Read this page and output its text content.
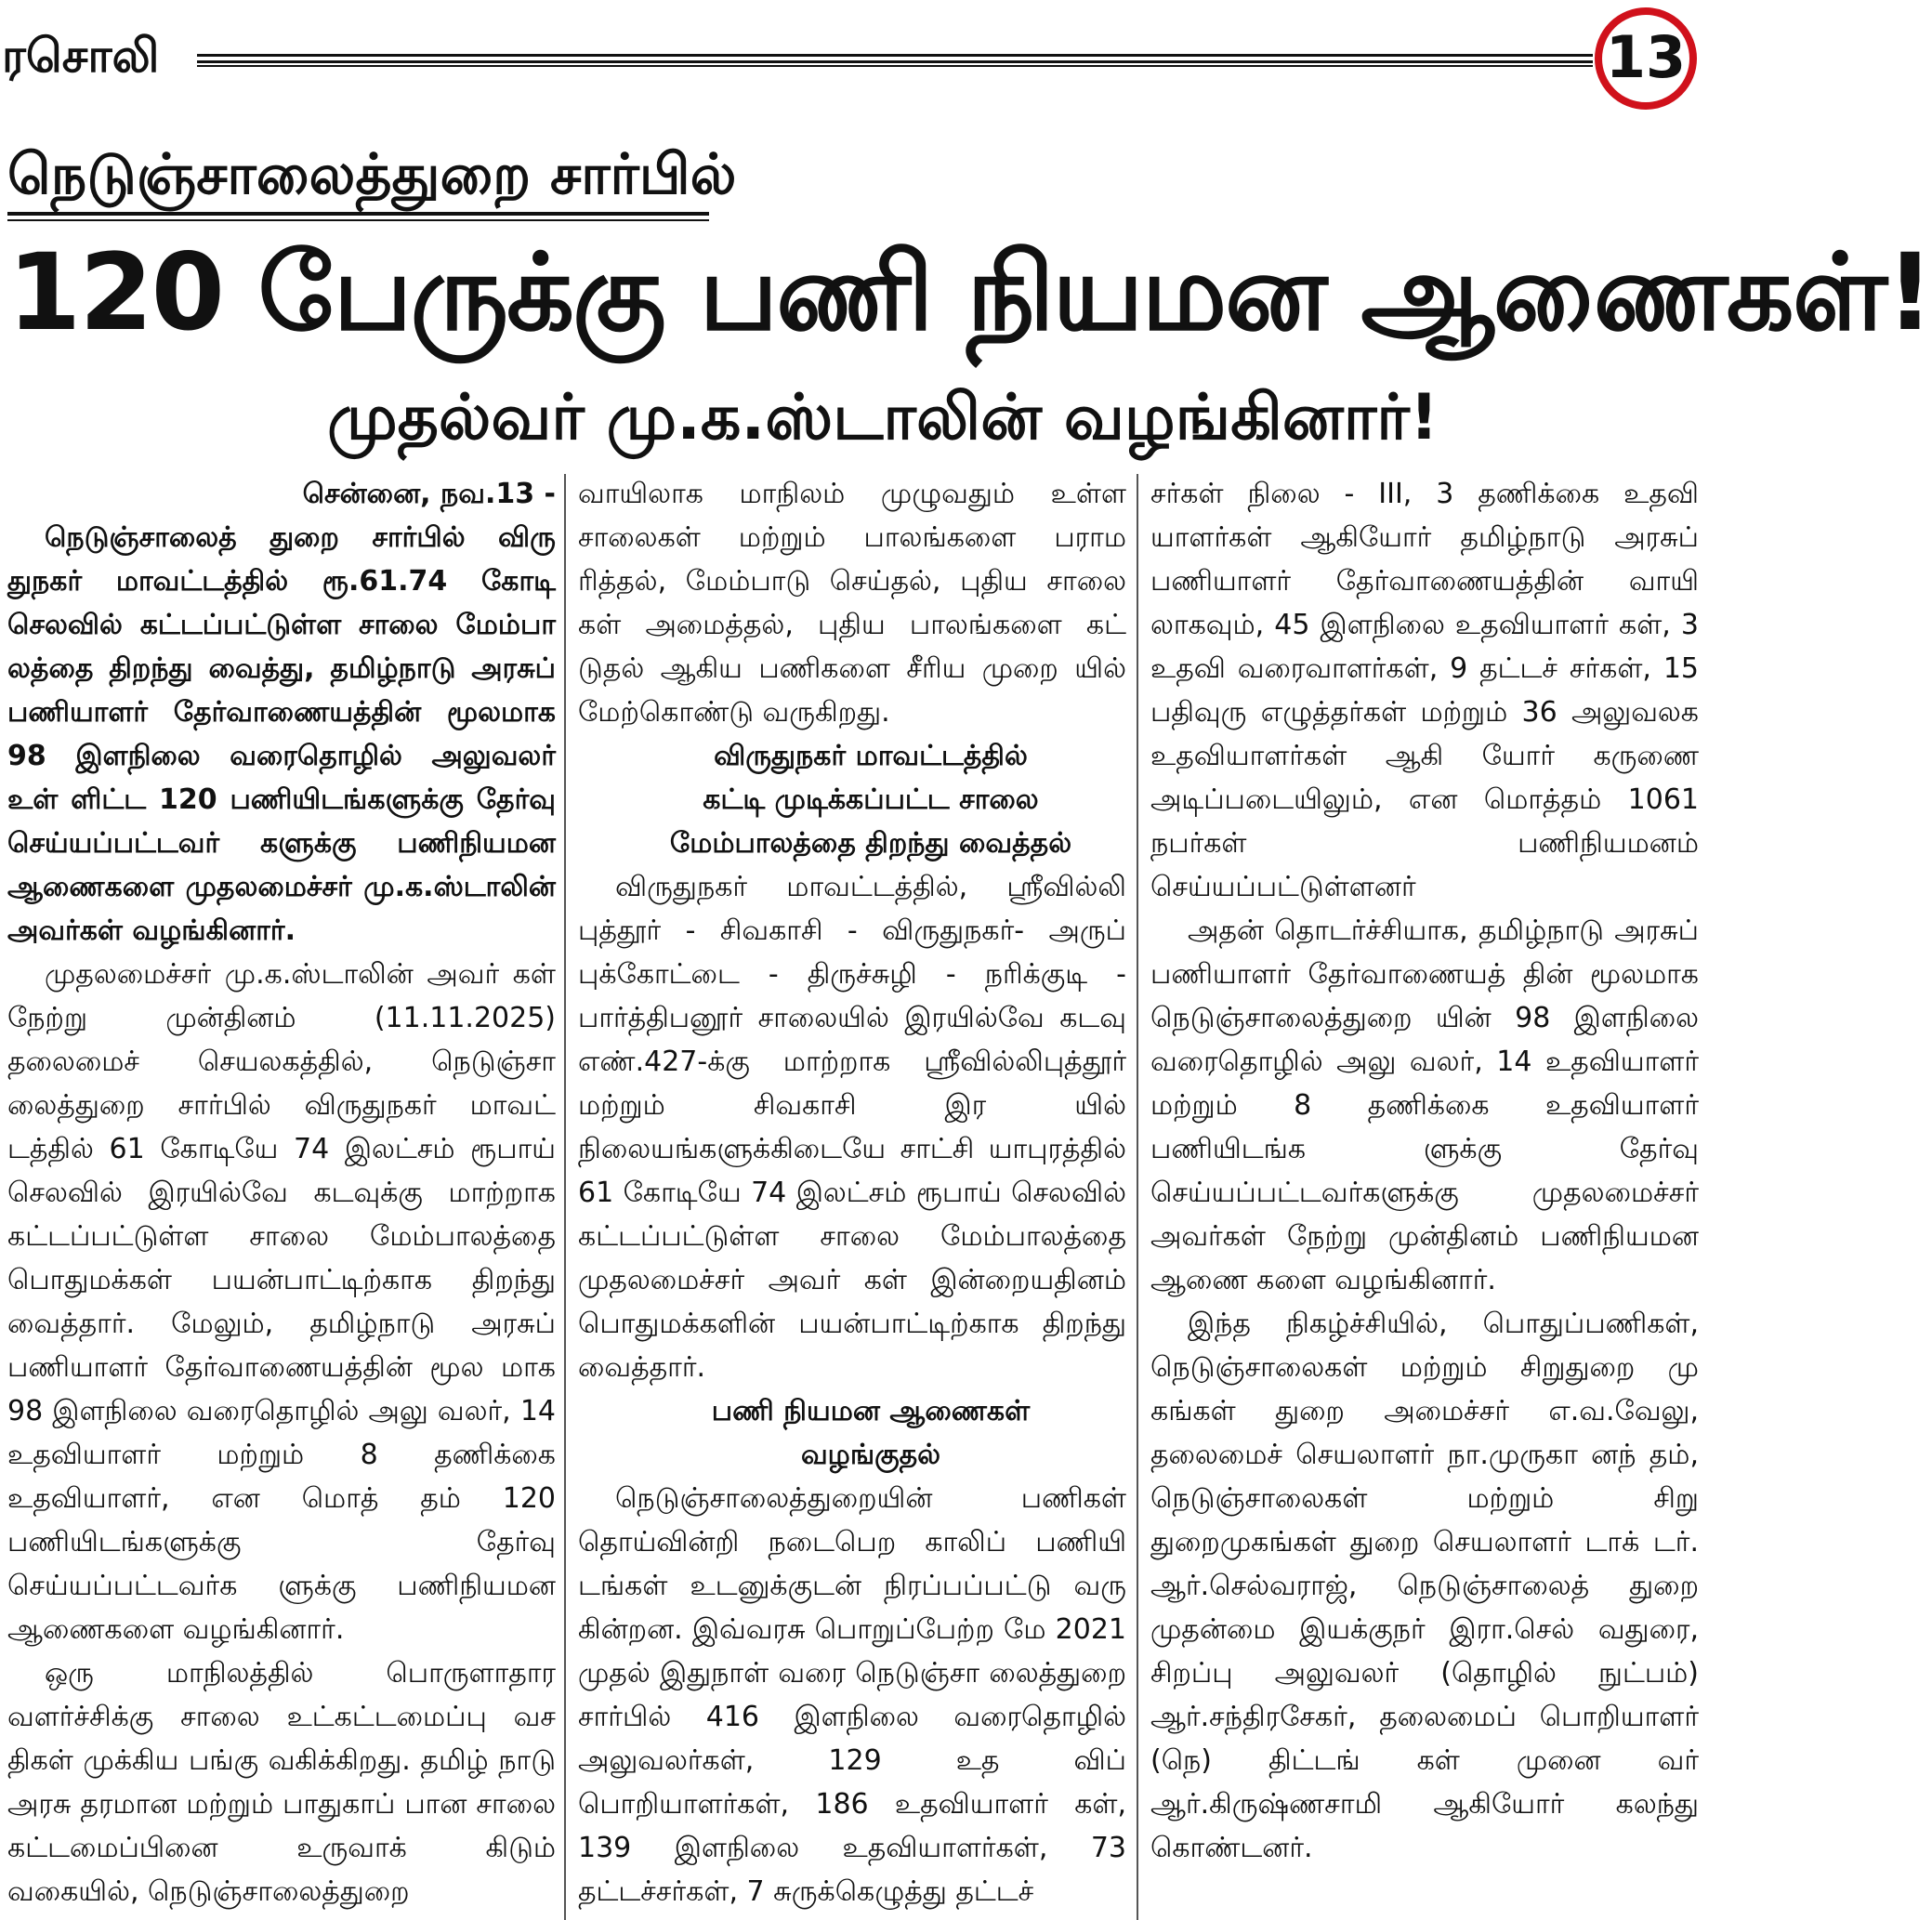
ரசொலி	13
நெடுஞ்சாலைத்துறை சார்பில்
120 பேருக்கு பணி நியமன ஆணைகள்!
முதல்வர் மு.க.ஸ்டாலின் வழங்கினார்!

சென்னை, நவ.13 -

நெடுஞ்சாலைத் துறை சார்பில் விரு துநகர் மாவட்டத்தில் ரூ.61.74 கோடி செலவில் கட்டப்பட்டுள்ள சாலை மேம்பா லத்தை திறந்து வைத்து, தமிழ்நாடு அரசுப் பணியாளர் தேர்வாணையத்தின் மூலமாக 98 இளநிலை வரைதொழில் அலுவலர் உள் ளிட்ட 120 பணியிடங்களுக்கு தேர்வு செய்யப்பட்டவர் களுக்கு பணிநியமன ஆணைகளை முதலமைச்சர் மு.க.ஸ்டாலின் அவர்கள் வழங்கினார்.

முதலமைச்சர் மு.க.ஸ்டாலின் அவர் கள் நேற்று முன்தினம் (11.11.2025) தலைமைச் செயலகத்தில், நெடுஞ்சா லைத்துறை சார்பில் விருதுநகர் மாவட் டத்தில் 61 கோடியே 74 இலட்சம் ரூபாய் செலவில் இரயில்வே கடவுக்கு மாற்றாக கட்டப்பட்டுள்ள சாலை மேம்பாலத்தை பொதுமக்கள் பயன்பாட்டிற்காக திறந்து வைத்தார். மேலும், தமிழ்நாடு அரசுப் பணியாளர் தேர்வாணையத்தின் மூல மாக 98 இளநிலை வரைதொழில் அலு வலர், 14 உதவியாளர் மற்றும் 8 தணிக்கை உதவியாளர், என மொத் தம் 120 பணியிடங்களுக்கு தேர்வு செய்யப்பட்டவர்க ளுக்கு பணிநியமன ஆணைகளை வழங்கினார்.

ஒரு மாநிலத்தில் பொருளாதார வளர்ச்சிக்கு சாலை உட்கட்டமைப்பு வச திகள் முக்கிய பங்கு வகிக்கிறது. தமிழ் நாடு அரசு தரமான மற்றும் பாதுகாப் பான சாலை கட்டமைப்பினை உருவாக் கிடும் வகையில், நெடுஞ்சாலைத்துறை

வாயிலாக மாநிலம் முழுவதும் உள்ள சாலைகள் மற்றும் பாலங்களை பராம ரித்தல், மேம்பாடு செய்தல், புதிய சாலை கள் அமைத்தல், புதிய பாலங்களை கட் டுதல் ஆகிய பணிகளை சீரிய முறை யில் மேற்கொண்டு வருகிறது.

விருதுநகர் மாவட்டத்தில்

கட்டி முடிக்கப்பட்ட சாலை

மேம்பாலத்தை திறந்து வைத்தல்

விருதுநகர் மாவட்டத்தில், ஸ்ரீவில்லி புத்தூர் - சிவகாசி - விருதுநகர்- அருப் புக்கோட்டை - திருச்சுழி - நரிக்குடி - பார்த்திபனூர் சாலையில் இரயில்வே கடவு எண்.427-க்கு மாற்றாக ஸ்ரீவில்லிபுத்தூர் மற்றும் சிவகாசி இர யில் நிலையங்களுக்கிடையே சாட்சி யாபுரத்தில் 61 கோடியே 74 இலட்சம் ரூபாய் செலவில் கட்டப்பட்டுள்ள சாலை மேம்பாலத்தை முதலமைச்சர் அவர் கள் இன்றையதினம் பொதுமக்களின் பயன்பாட்டிற்காக திறந்து வைத்தார்.

பணி நியமன ஆணைகள்

வழங்குதல்

நெடுஞ்சாலைத்துறையின் பணிகள் தொய்வின்றி நடைபெற காலிப் பணியி டங்கள் உடனுக்குடன் நிரப்பப்பட்டு வரு கின்றன. இவ்வரசு பொறுப்பேற்ற மே 2021 முதல் இதுநாள் வரை நெடுஞ்சா லைத்துறை சார்பில் 416 இளநிலை வரைதொழில் அலுவலர்கள், 129 உத விப் பொறியாளர்கள், 186 உதவியாளர் கள், 139 இளநிலை உதவியாளர்கள், 73 தட்டச்சர்கள், 7 சுருக்கெழுத்து தட்டச்

சர்கள் நிலை - III, 3 தணிக்கை உதவி யாளர்கள் ஆகியோர் தமிழ்நாடு அரசுப் பணியாளர் தேர்வாணையத்தின் வாயி லாகவும், 45 இளநிலை உதவியாளர் கள், 3 உதவி வரைவாளர்கள், 9 தட்டச் சர்கள், 15 பதிவுரு எழுத்தர்கள் மற்றும் 36 அலுவலக உதவியாளர்கள் ஆகி யோர் கருணை அடிப்படையிலும், என மொத்தம் 1061 நபர்கள் பணிநியமனம் செய்யப்பட்டுள்ளனர்

அதன் தொடர்ச்சியாக, தமிழ்நாடு அரசுப் பணியாளர் தேர்வாணையத் தின் மூலமாக நெடுஞ்சாலைத்துறை யின் 98 இளநிலை வரைதொழில் அலு வலர், 14 உதவியாளர் மற்றும் 8 தணிக்கை உதவியாளர் பணியிடங்க ளுக்கு தேர்வு செய்யப்பட்டவர்களுக்கு முதலமைச்சர் அவர்கள் நேற்று முன்தினம் பணிநியமன ஆணை களை வழங்கினார்.

இந்த நிகழ்ச்சியில், பொதுப்பணிகள், நெடுஞ்சாலைகள் மற்றும் சிறுதுறை மு கங்கள் துறை அமைச்சர் எ.வ.வேலு, தலைமைச் செயலாளர் நா.முருகா னந் தம், நெடுஞ்சாலைகள் மற்றும் சிறு துறைமுகங்கள் துறை செயலாளர் டாக் டர். ஆர்.செல்வராஜ், நெடுஞ்சாலைத் துறை முதன்மை இயக்குநர் இரா.செல் வதுரை, சிறப்பு அலுவலர் (தொழில் நுட்பம்) ஆர்.சந்திரசேகர், தலைமைப் பொறியாளர் (நெ) திட்டங் கள் முனை வர் ஆர்.கிருஷ்ணசாமி ஆகியோர் கலந்து கொண்டனர்.
